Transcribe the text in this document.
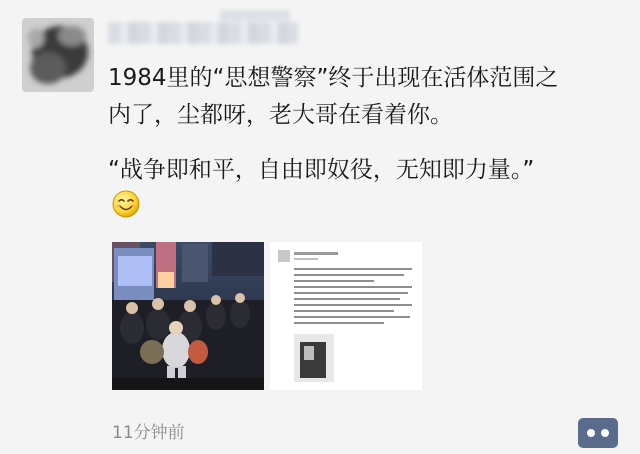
1984里的“思想警察”终于出现在活体范围之

内了，尘都呀，老大哥在看着你。

“战争即和平，自由即奴役，无知即力量。”

11分钟前
